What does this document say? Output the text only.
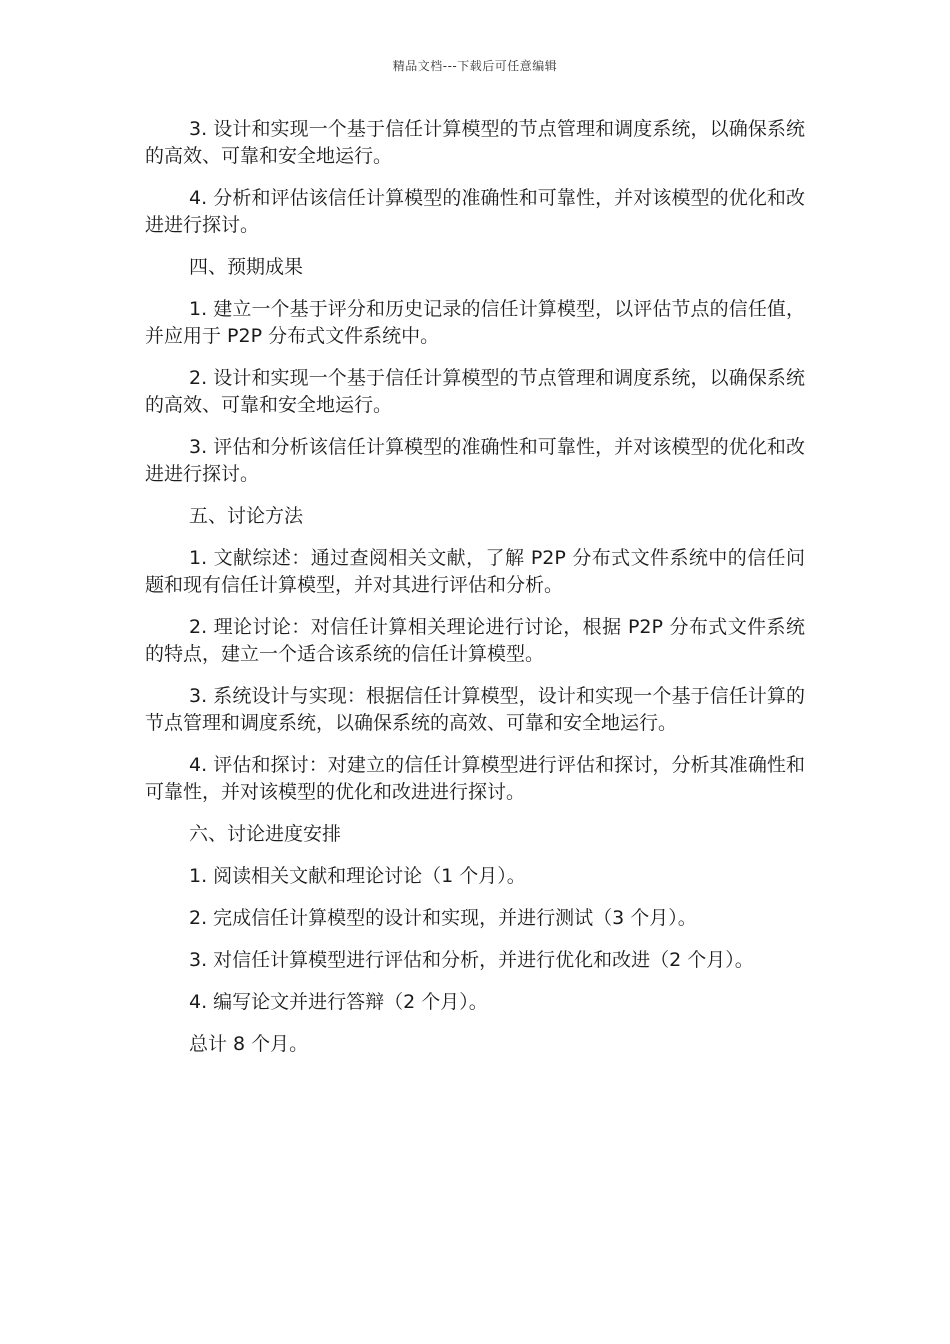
精品文档---下载后可任意编辑

3. 设计和实现一个基于信任计算模型的节点管理和调度系统，以确保系统的高效、可靠和安全地运行。

4. 分析和评估该信任计算模型的准确性和可靠性，并对该模型的优化和改进进行探讨。

四、预期成果

1. 建立一个基于评分和历史记录的信任计算模型，以评估节点的信任值，并应用于 P2P 分布式文件系统中。

2. 设计和实现一个基于信任计算模型的节点管理和调度系统，以确保系统的高效、可靠和安全地运行。

3. 评估和分析该信任计算模型的准确性和可靠性，并对该模型的优化和改进进行探讨。

五、讨论方法

1. 文献综述：通过查阅相关文献，了解 P2P 分布式文件系统中的信任问题和现有信任计算模型，并对其进行评估和分析。

2. 理论讨论：对信任计算相关理论进行讨论，根据 P2P 分布式文件系统的特点，建立一个适合该系统的信任计算模型。

3. 系统设计与实现：根据信任计算模型，设计和实现一个基于信任计算的节点管理和调度系统，以确保系统的高效、可靠和安全地运行。

4. 评估和探讨：对建立的信任计算模型进行评估和探讨，分析其准确性和可靠性，并对该模型的优化和改进进行探讨。

六、讨论进度安排

1. 阅读相关文献和理论讨论（1 个月）。

2. 完成信任计算模型的设计和实现，并进行测试（3 个月）。

3. 对信任计算模型进行评估和分析，并进行优化和改进（2 个月）。

4. 编写论文并进行答辩（2 个月）。

总计 8 个月。
